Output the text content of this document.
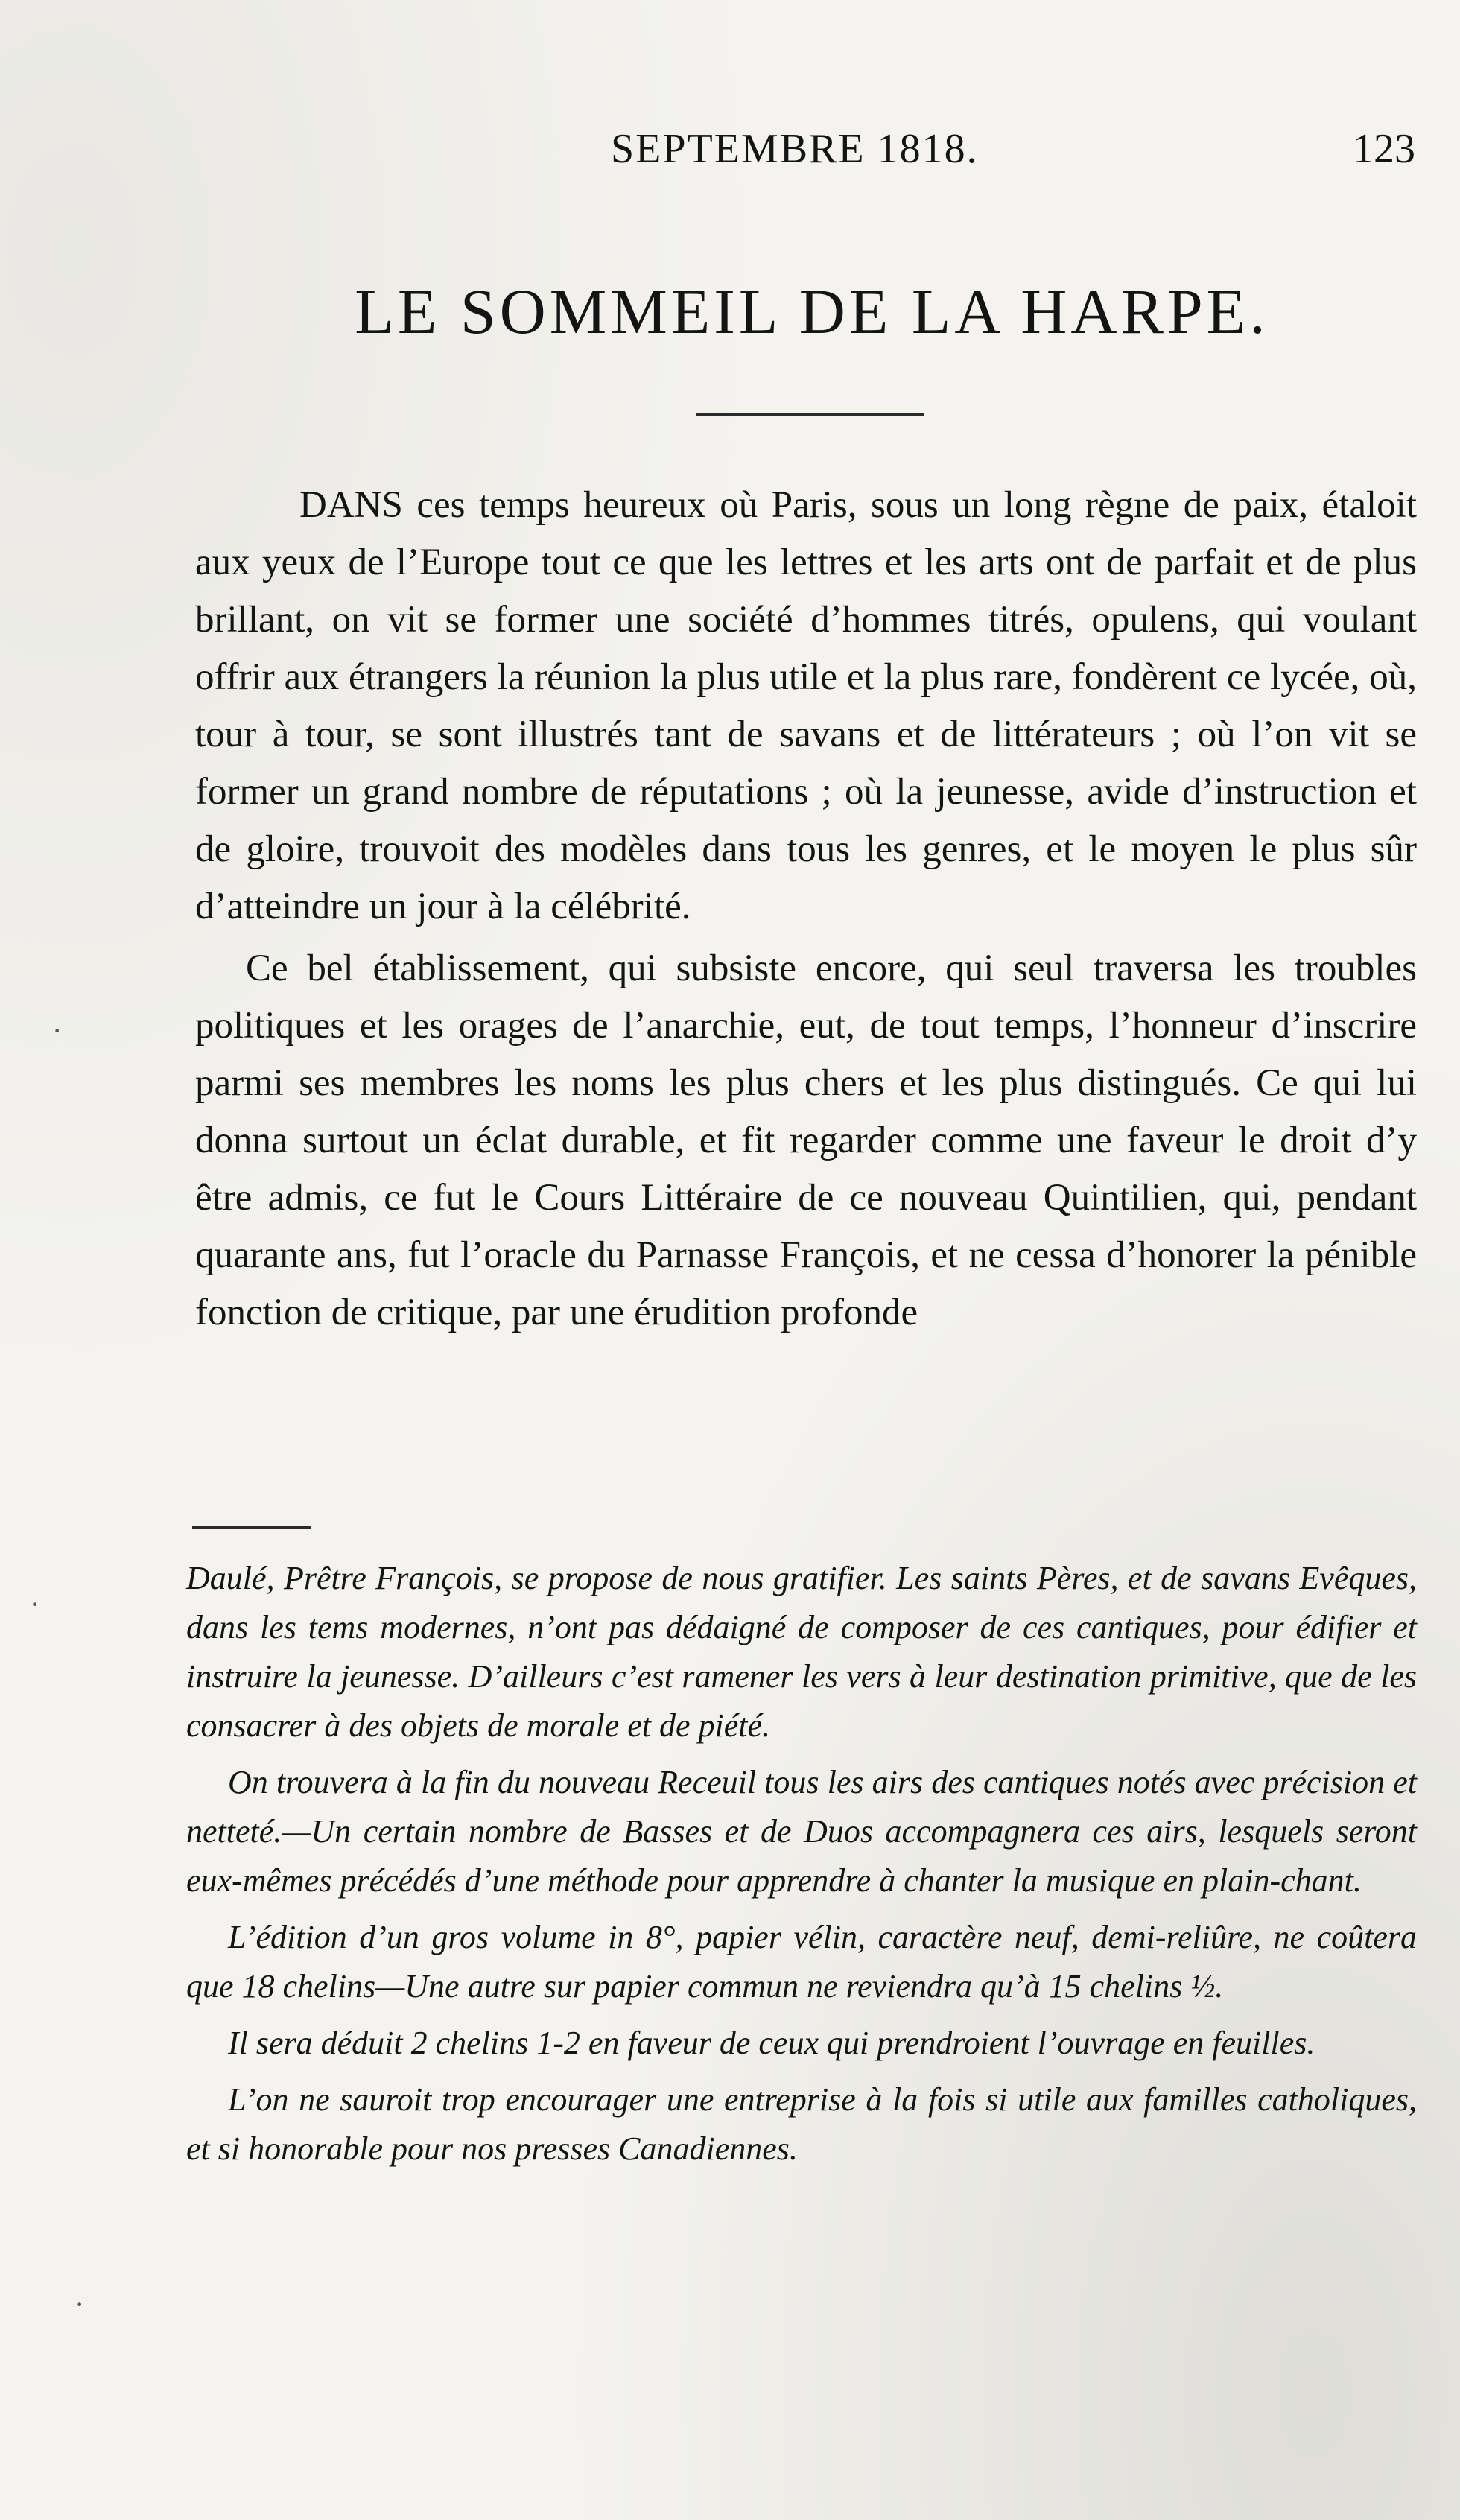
SEPTEMBRE 1818.	123
LE SOMMEIL DE LA HARPE.

DANS ces temps heureux où Paris, sous un long règne de paix, étaloit aux yeux de l’Europe tout ce que les lettres et les arts ont de parfait et de plus brillant, on vit se former une société d’hommes titrés, opulens, qui voulant offrir aux étrangers la réunion la plus utile et la plus rare, fondèrent ce lycée, où, tour à tour, se sont illustrés tant de savans et de littérateurs ; où l’on vit se former un grand nombre de réputations ; où la jeunesse, avide d’instruction et de gloire, trouvoit des modèles dans tous les genres, et le moyen le plus sûr d’atteindre un jour à la célébrité.

Ce bel établissement, qui subsiste encore, qui seul traversa les troubles politiques et les orages de l’anarchie, eut, de tout temps, l’honneur d’inscrire parmi ses membres les noms les plus chers et les plus distingués. Ce qui lui donna surtout un éclat durable, et fit regarder comme une faveur le droit d’y être admis, ce fut le Cours Littéraire de ce nouveau Quintilien, qui, pendant quarante ans, fut l’oracle du Parnasse François, et ne cessa d’honorer la pénible fonction de critique, par une érudition profonde

Daulé, Prêtre François, se propose de nous gratifier. Les saints Pères, et de savans Evêques, dans les tems modernes, n’ont pas dédaigné de composer de ces cantiques, pour édifier et instruire la jeunesse. D’ailleurs c’est ramener les vers à leur destination primitive, que de les consacrer à des objets de morale et de piété.

On trouvera à la fin du nouveau Receuil tous les airs des cantiques notés avec précision et netteté.—Un certain nombre de Basses et de Duos accompagnera ces airs, lesquels seront eux-mêmes précédés d’une méthode pour apprendre à chanter la musique en plain-chant.

L’édition d’un gros volume in 8°, papier vélin, caractère neuf, demi-reliûre, ne coûtera que 18 chelins—Une autre sur papier commun ne reviendra qu’à 15 chelins ½.

Il sera déduit 2 chelins 1-2 en faveur de ceux qui prendroient l’ouvrage en feuilles.

L’on ne sauroit trop encourager une entreprise à la fois si utile aux familles catholiques, et si honorable pour nos presses Canadiennes.

·
·
·
